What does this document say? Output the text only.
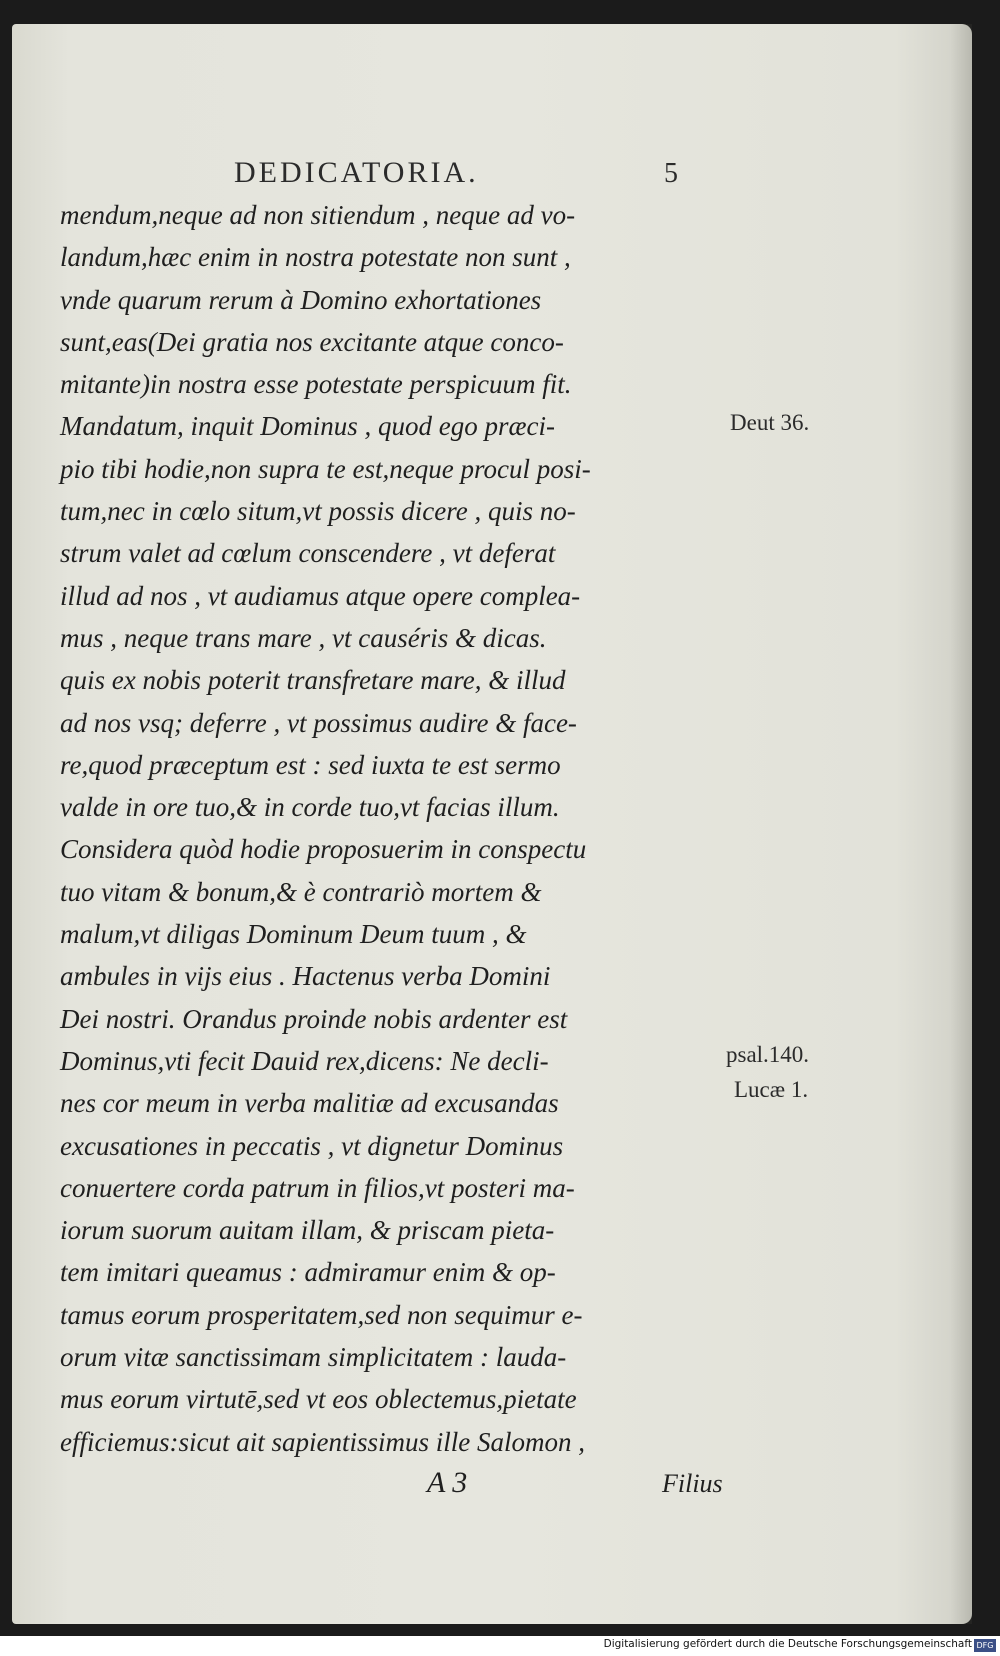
DEDICATORIA.	5
mendum,neque ad non sitiendum , neque ad vo-
landum,hæc enim in nostra potestate non sunt ,
vnde quarum rerum à Domino exhortationes
sunt,eas(Dei gratia nos excitante atque conco-
mitante)in nostra esse potestate perspicuum fit.
Mandatum, inquit Dominus , quod ego præci-
pio tibi hodie,non supra te est,neque procul posi-
tum,nec in cœlo situm,vt possis dicere , quis no-
strum valet ad cœlum conscendere , vt deferat
illud ad nos , vt audiamus atque opere complea-
mus , neque trans mare , vt causéris & dicas.
quis ex nobis poterit transfretare mare, & illud
ad nos vsq; deferre , vt possimus audire & face-
re,quod præceptum est : sed iuxta te est sermo
valde in ore tuo,& in corde tuo,vt facias illum.
Considera quòd hodie proposuerim in conspectu
tuo vitam & bonum,& è contrariò mortem &
malum,vt diligas Dominum Deum tuum , &
ambules in vijs eius . Hactenus verba Domini
Dei nostri. Orandus proinde nobis ardenter est
Dominus,vti fecit Dauid rex,dicens: Ne decli-
nes cor meum in verba malitiæ ad excusandas
excusationes in peccatis , vt dignetur Dominus
conuertere corda patrum in filios,vt posteri ma-
iorum suorum auitam illam, & priscam pieta-
tem imitari queamus : admiramur enim & op-
tamus eorum prosperitatem,sed non sequimur e-
orum vitæ sanctissimam simplicitatem : lauda-
mus eorum virtutē,sed vt eos oblectemus,pietate
efficiemus:sicut ait sapientissimus ille Salomon ,
Deut 36.
psal.140.
Lucæ 1.
A 3	Filius
Digitalisierung gefördert durch die Deutsche Forschungsgemeinschaft DFG
